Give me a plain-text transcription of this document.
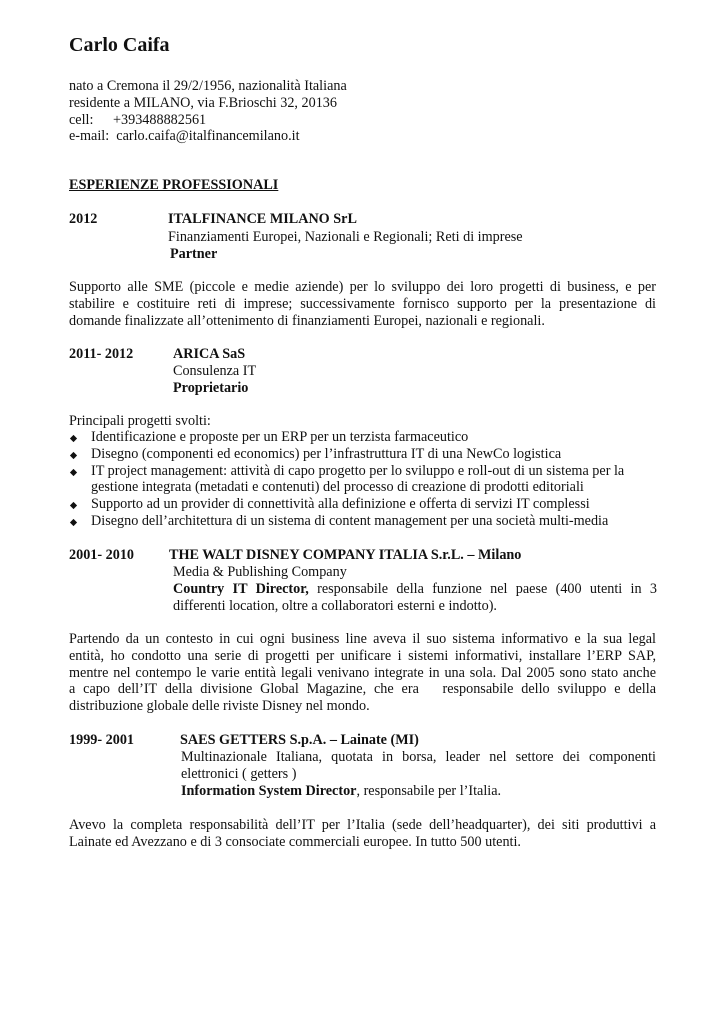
Carlo Caifa
nato a Cremona il 29/2/1956, nazionalità Italiana
residente a MILANO, via F.Brioschi 32, 20136
cell: +393488882561
e-mail: carlo.caifa@italfinancemilano.it
ESPERIENZE PROFESSIONALI
2012	ITALFINANCE MILANO SrL
Finanziamenti Europei, Nazionali e Regionali; Reti di imprese
Partner
Supporto alle SME (piccole e medie aziende) per lo sviluppo dei loro progetti di business, e per
stabilire e costituire reti di imprese; successivamente fornisco supporto per la presentazione di
domande finalizzate all’ottenimento di finanziamenti Europei, nazionali e regionali.
2011- 2012	ARICA SaS
Consulenza IT
Proprietario
Principali progetti svolti:
Identificazione e proposte per un ERP per un terzista farmaceutico
Disegno (componenti ed economics) per l’infrastruttura IT di una NewCo logistica
IT project management: attività di capo progetto per lo sviluppo e roll-out di un sistema per la
gestione integrata (metadati e contenuti) del processo di creazione di prodotti editoriali
Supporto ad un provider di connettività alla definizione e offerta di servizi IT complessi
Disegno dell’architettura di un sistema di content management per una società multi-media
2001- 2010 THE WALT DISNEY COMPANY ITALIA S.r.L. – Milano
Media & Publishing Company
Country IT Director, responsabile della funzione nel paese (400 utenti in 3
differenti location, oltre a collaboratori esterni e indotto).
Partendo da un contesto in cui ogni business line aveva il suo sistema informativo e la sua legal
entità, ho condotto una serie di progetti per unificare i sistemi informativi, installare l’ERP SAP,
mentre nel contempo le varie entità legali venivano integrate in una sola. Dal 2005 sono stato anche
a capo dell’IT della divisione Global Magazine, che era   responsabile dello sviluppo e della
distribuzione globale delle riviste Disney nel mondo.
1999- 2001	SAES GETTERS S.p.A. – Lainate (MI)
Multinazionale Italiana, quotata in borsa, leader nel settore dei componenti
elettronici ( getters )
Information System Director, responsabile per l’Italia.
Avevo la completa responsabilità dell’IT per l’Italia (sede dell’headquarter), dei siti produttivi a
Lainate ed Avezzano e di 3 consociate commerciali europee. In tutto 500 utenti.
